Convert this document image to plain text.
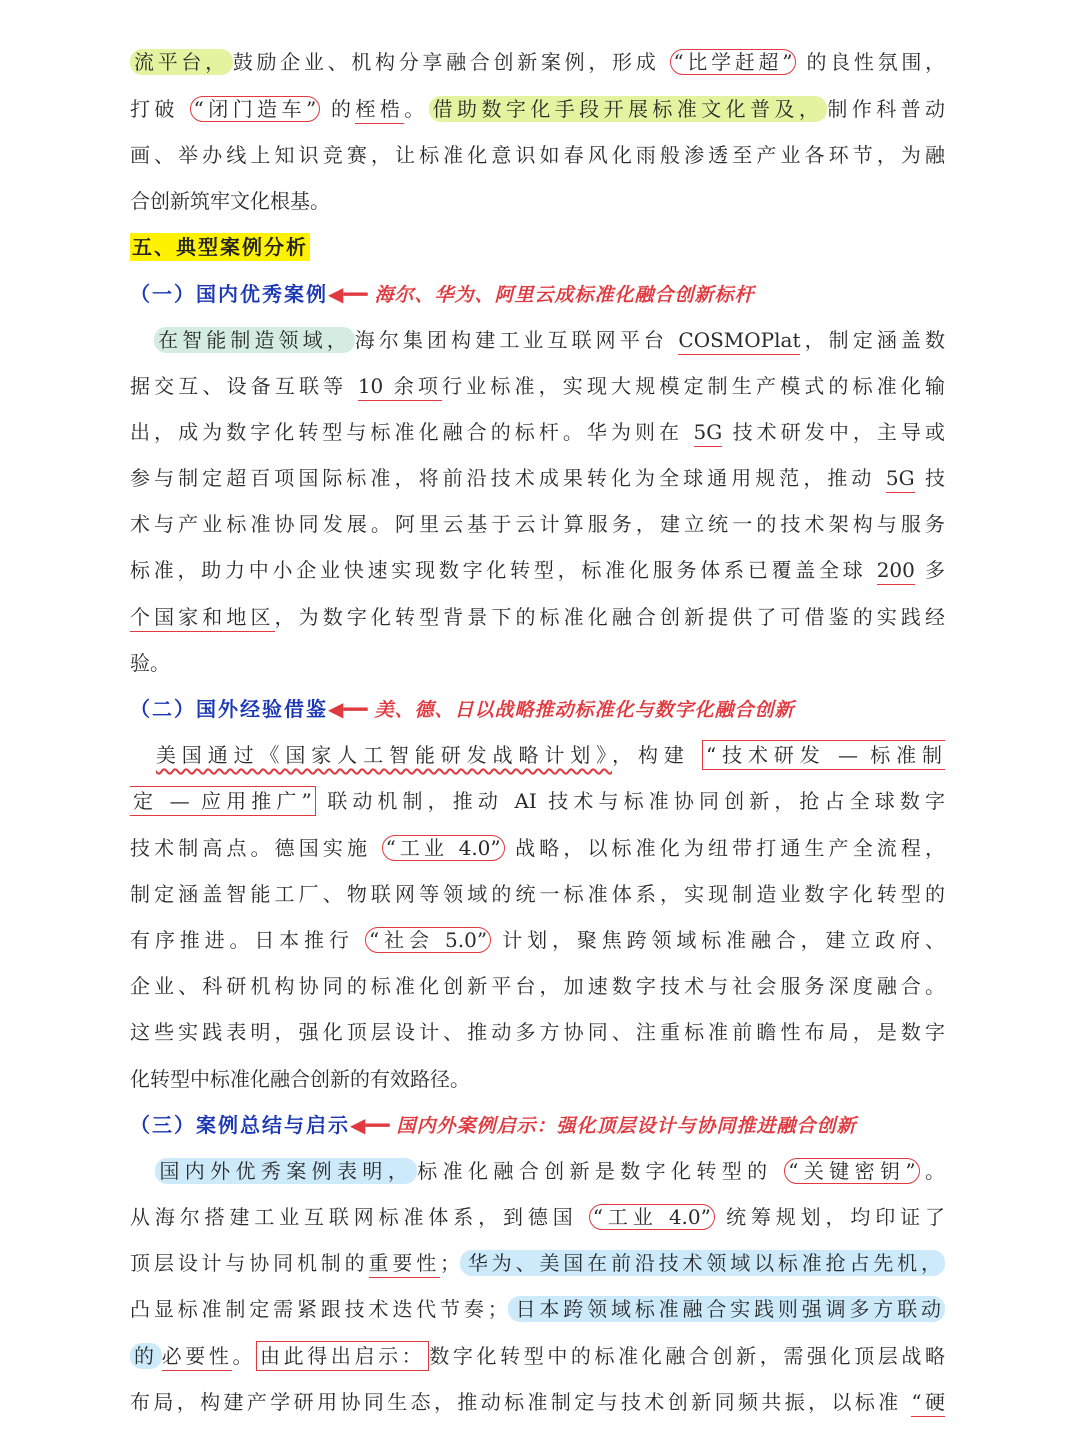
流平台， 鼓励企业、机构分享融合创新案例，形成 “比学赶超” 的良性氛围，

打破 “闭门造车” 的桎梏。 借助数字化手段开展标准文化普及， 制作科普动

画、举办线上知识竞赛，让标准化意识如春风化雨般渗透至产业各环节，为融

合创新筑牢文化根基。

五、典型案例分析

（一）国内优秀案例◀━━ 海尔、华为、阿里云成标准化融合创新标杆

　在智能制造领域， 海尔集团构建工业互联网平台 COSMOPlat，制定涵盖数

据交互、设备互联等 10 余项行业标准，实现大规模定制生产模式的标准化输

出，成为数字化转型与标准化融合的标杆。华为则在 5G 技术研发中，主导或

参与制定超百项国际标准，将前沿技术成果转化为全球通用规范，推动 5G 技

术与产业标准协同发展。阿里云基于云计算服务，建立统一的技术架构与服务

标准，助力中小企业快速实现数字化转型，标准化服务体系已覆盖全球 200 多

个国家和地区，为数字化转型背景下的标准化融合创新提供了可借鉴的实践经

验。

（二）国外经验借鉴◀━━ 美、德、日以战略推动标准化与数字化融合创新

　美国通过《国家人工智能研发战略计划》，构建 “技术研发 — 标准制

定 — 应用推广” 联动机制，推动 AI 技术与标准协同创新，抢占全球数字

技术制高点。德国实施 “工业 4.0” 战略，以标准化为纽带打通生产全流程，

制定涵盖智能工厂、物联网等领域的统一标准体系，实现制造业数字化转型的

有序推进。日本推行 “社会 5.0” 计划，聚焦跨领域标准融合，建立政府、

企业、科研机构协同的标准化创新平台，加速数字技术与社会服务深度融合。

这些实践表明，强化顶层设计、推动多方协同、注重标准前瞻性布局，是数字

化转型中标准化融合创新的有效路径。

（三）案例总结与启示◀━━ 国内外案例启示：强化顶层设计与协同推进融合创新

　国内外优秀案例表明， 标准化融合创新是数字化转型的 “关键密钥” 。

从海尔搭建工业互联网标准体系，到德国 “工业 4.0” 统筹规划，均印证了

顶层设计与协同机制的重要性； 华为、美国在前沿技术领域以标准抢占先机，

凸显标准制定需紧跟技术迭代节奏； 日本跨领域标准融合实践则强调多方联动

的 必要性。 由此得出启示： 数字化转型中的标准化融合创新，需强化顶层战略

布局，构建产学研用协同生态，推动标准制定与技术创新同频共振，以标准 “硬
